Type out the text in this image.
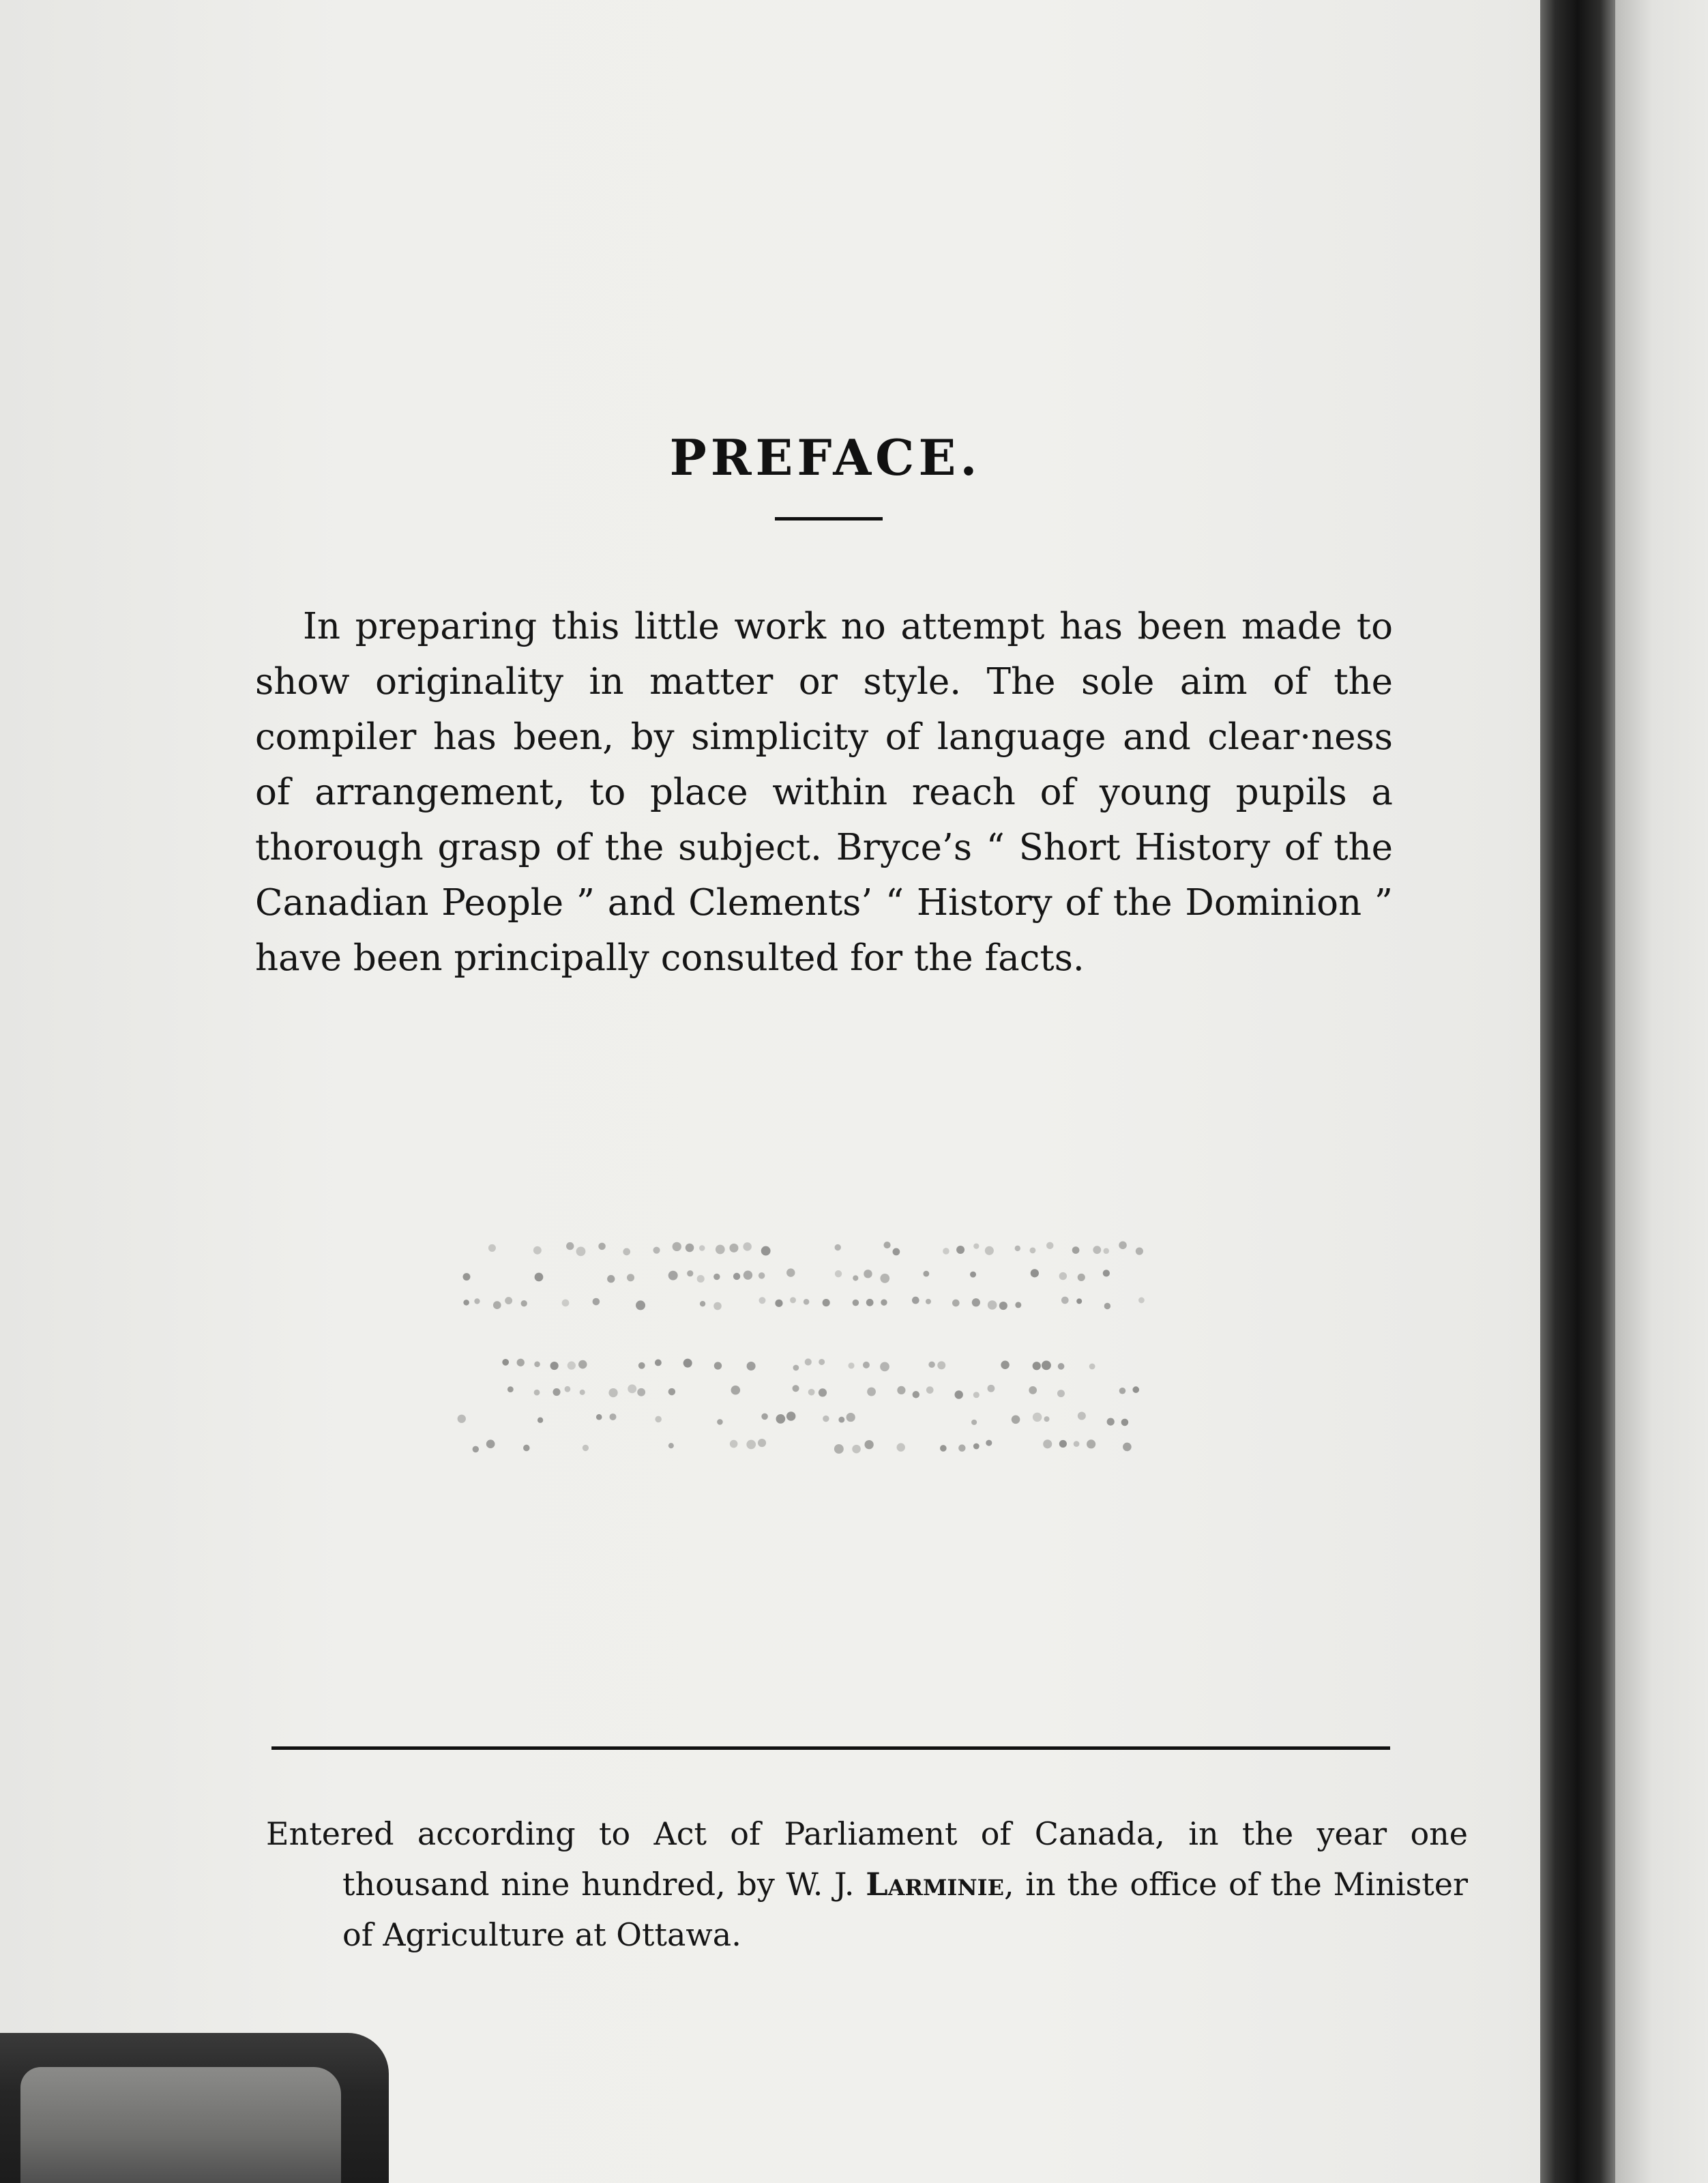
PREFACE.

In preparing this little work no attempt has been made to show originality in matter or style. The sole aim of the compiler has been, by simplicity of language and clear·ness of arrangement, to place within reach of young pupils a thorough grasp of the subject. Bryce’s “ Short History of the Canadian People ” and Clements’ “ History of the Dominion ” have been principally consulted for the facts.

Entered according to Act of Parliament of Canada, in the year one thousand nine hundred, by W. J. Larminie, in the office of the Minister of Agriculture at Ottawa.
